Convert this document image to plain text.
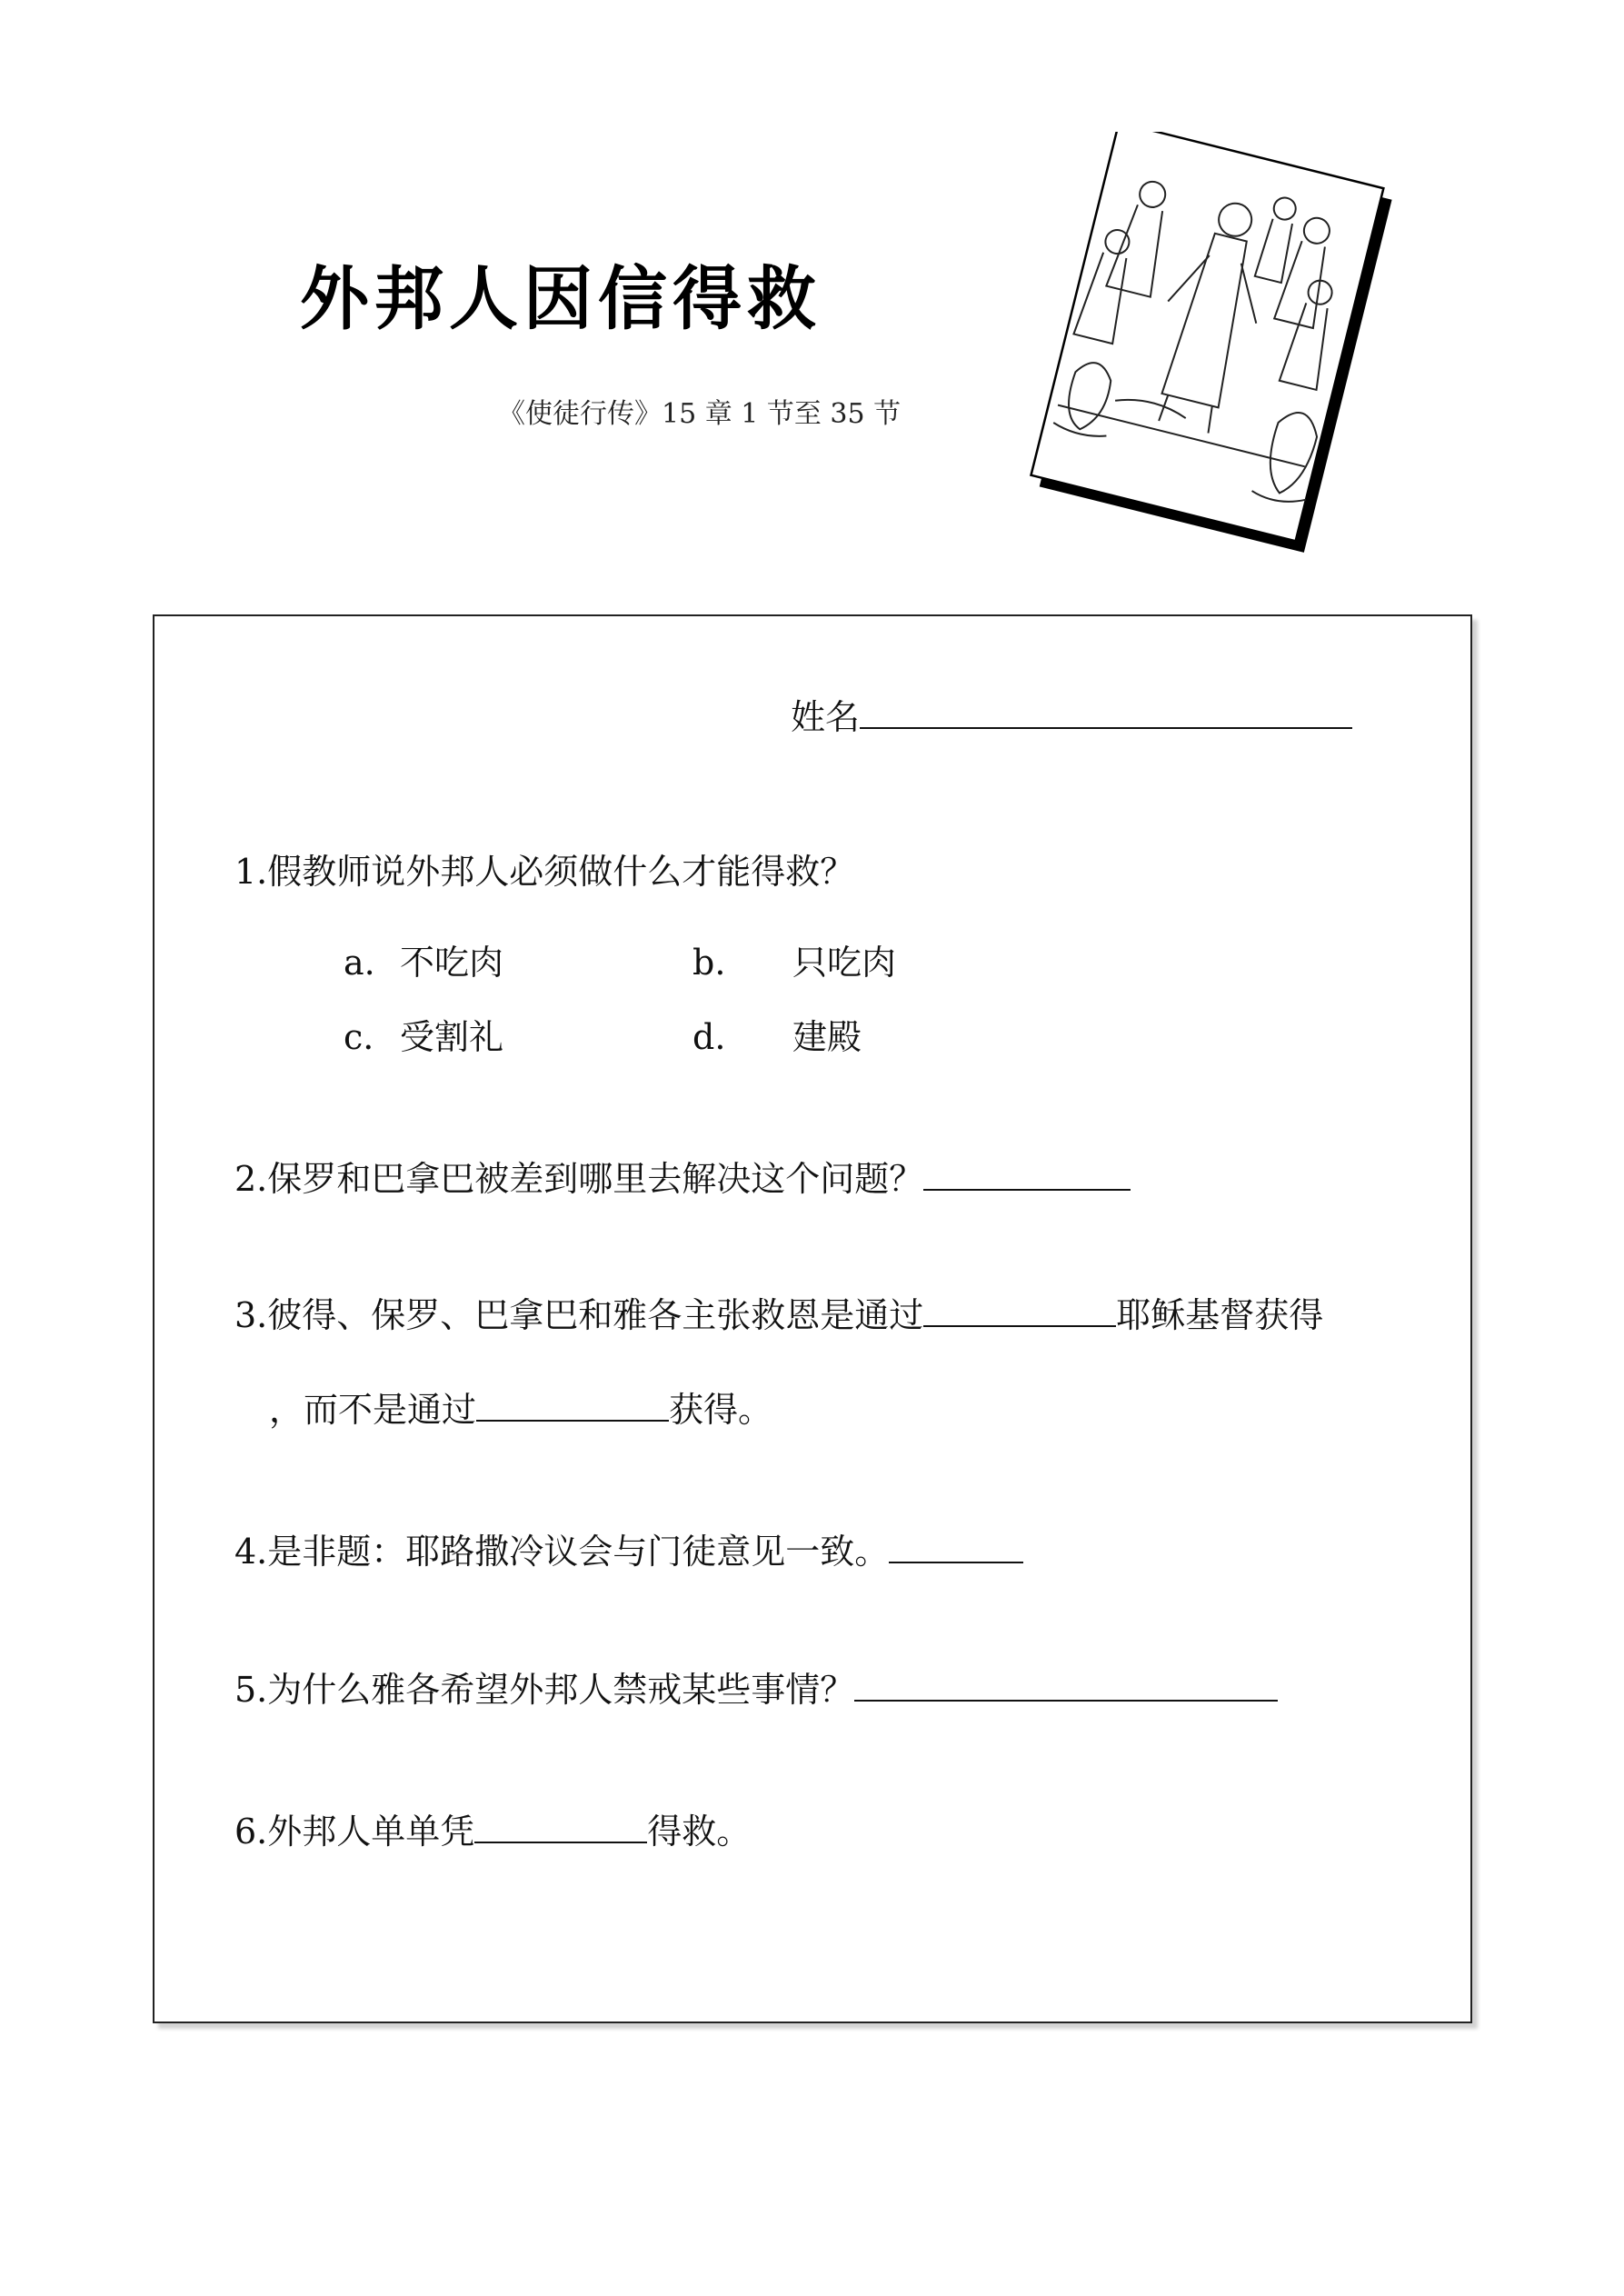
外邦人因信得救
《使徒行传》15 章 1 节至 35 节
姓名
1.假教师说外邦人必须做什么才能得救？
a. 不吃肉	b. 只吃肉
c. 受割礼	d. 建殿
2.保罗和巴拿巴被差到哪里去解决这个问题？
3.彼得、保罗、巴拿巴和雅各主张救恩是通过	耶稣基督获得
，而不是通过	获得。
4.是非题：耶路撒冷议会与门徒意见一致。
5.为什么雅各希望外邦人禁戒某些事情？
6.外邦人单单凭	得救。
